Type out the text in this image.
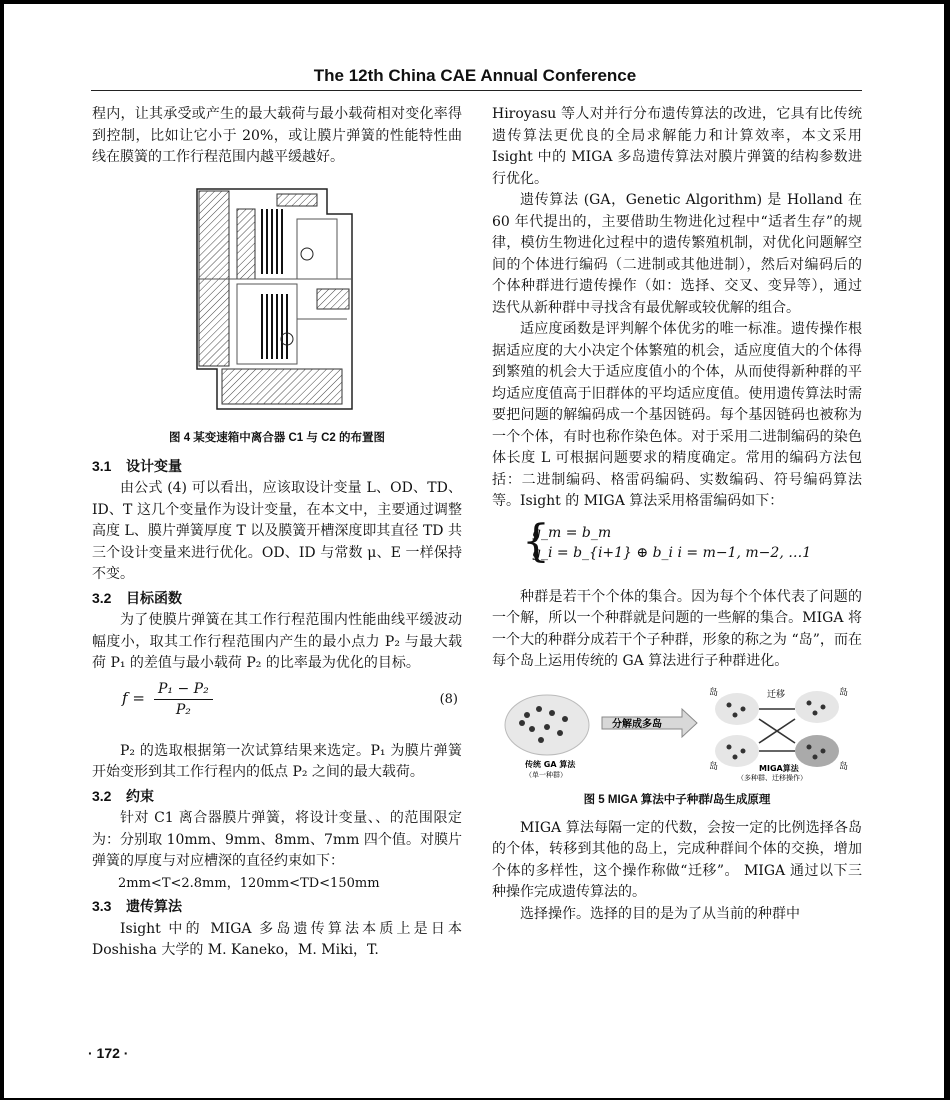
The 12th China CAE Annual Conference

程内，让其承受或产生的最大载荷与最小载荷相对变化率得到控制，比如让它小于 20%，或让膜片弹簧的性能特性曲线在膜簧的工作行程范围内越平缓越好。

图 4 某变速箱中离合器 C1 与 C2 的布置图
3.1 设计变量

由公式 (4) 可以看出，应该取设计变量 L、OD、TD、ID、T 这几个变量作为设计变量，在本文中，主要通过调整高度 L、膜片弹簧厚度 T 以及膜簧开槽深度即其直径 TD 共三个设计变量来进行优化。OD、ID 与常数 μ、E 一样保持不变。

3.2 目标函数

为了使膜片弹簧在其工作行程范围内性能曲线平缓波动幅度小，取其工作行程范围内产生的最小点力 P₂ 与最大载荷 P₁ 的差值与最小载荷 P₂ 的比率最为优化的目标。

$f = \frac{\text{P₁ − P₂}}{\text{P₂}}$	(8)

P₂ 的选取根据第一次试算结果来选定。P₁ 为膜片弹簧开始变形到其工作行程内的低点 P₂ 之间的最大载荷。

3.2 约束

针对 C1 离合器膜片弹簧，将设计变量、、的范围限定为：分别取 10mm、9mm、8mm、7mm 四个值。对膜片弹簧的厚度与对应槽深的直径约束如下：

2mm<T<2.8mm，120mm<TD<150mm

3.3 遗传算法

Isight 中的 MIGA 多岛遗传算法本质上是日本 Doshisha 大学的 M. Kaneko，M. Miki，T.

Hiroyasu 等人对并行分布遗传算法的改进，它具有比传统遗传算法更优良的全局求解能力和计算效率，本文采用 Isight 中的 MIGA 多岛遗传算法对膜片弹簧的结构参数进行优化。

遗传算法 (GA，Genetic Algorithm) 是 Holland 在 60 年代提出的，主要借助生物进化过程中“适者生存”的规律，模仿生物进化过程中的遗传繁殖机制，对优化问题解空间的个体进行编码（二进制或其他进制），然后对编码后的个体种群进行遗传操作（如：选择、交叉、变异等），通过迭代从新种群中寻找含有最优解或较优解的组合。

适应度函数是评判解个体优劣的唯一标准。遗传操作根据适应度的大小决定个体繁殖的机会，适应度值大的个体得到繁殖的机会大于适应度值小的个体，从而使得新种群的平均适应度值高于旧群体的平均适应度值。使用遗传算法时需要把问题的解编码成一个基因链码。每个基因链码也被称为一个个体，有时也称作染色体。对于采用二进制编码的染色体长度 L 可根据问题要求的精度确定。常用的编码方法包括：二进制编码、格雷码编码、实数编码、符号编码算法等。Isight 的 MIGA 算法采用格雷编码如下：

{
g_m = b_m
g_i = b_{i+1} ⊕ b_i i = m−1, m−2, …1

种群是若干个个体的集合。因为每个个体代表了问题的一个解，所以一个种群就是问题的一些解的集合。MIGA 将一个大的种群分成若干个子种群，形象的称之为 “岛”，而在每个岛上运用传统的 GA 算法进行子种群进化。

分解成多岛
迁移
岛	岛
岛	岛
传统 GA 算法
（单一种群）
MIGA算法
（多种群、迁移操作）
图 5 MIGA 算法中子种群/岛生成原理

MIGA 算法每隔一定的代数，会按一定的比例选择各岛的个体，转移到其他的岛上，完成种群间个体的交换，增加个体的多样性，这个操作称做“迁移”。 MIGA 通过以下三种操作完成遗传算法的。

选择操作。选择的目的是为了从当前的种群中

· 172 ·
